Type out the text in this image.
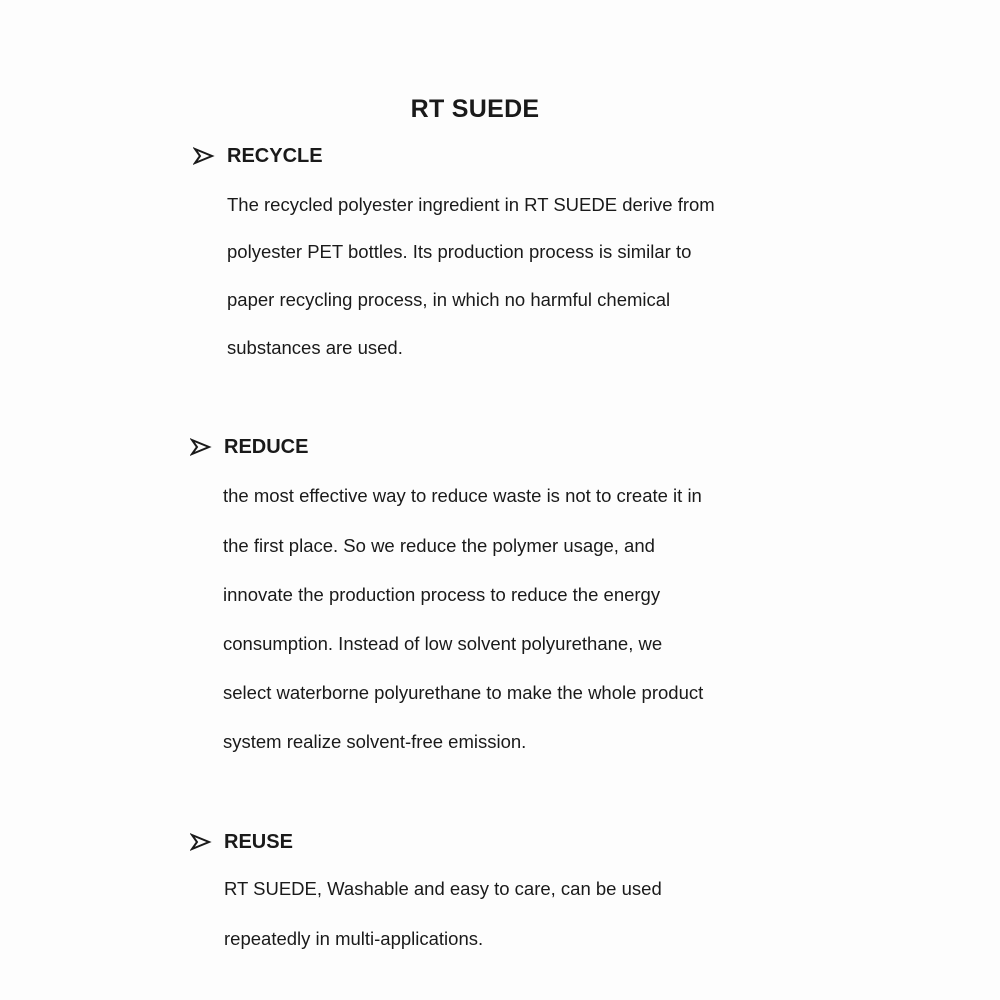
RT SUEDE
RECYCLE
The recycled polyester ingredient in RT SUEDE derive from
polyester PET bottles. Its production process is similar to
paper recycling process, in which no harmful chemical
substances are used.
REDUCE
the most effective way to reduce waste is not to create it in
the first place. So we reduce the polymer usage, and
innovate the production process to reduce the energy
consumption. Instead of low solvent polyurethane, we
select waterborne polyurethane to make the whole product
system realize solvent-free emission.
REUSE
RT SUEDE, Washable and easy to care, can be used
repeatedly in multi-applications.
